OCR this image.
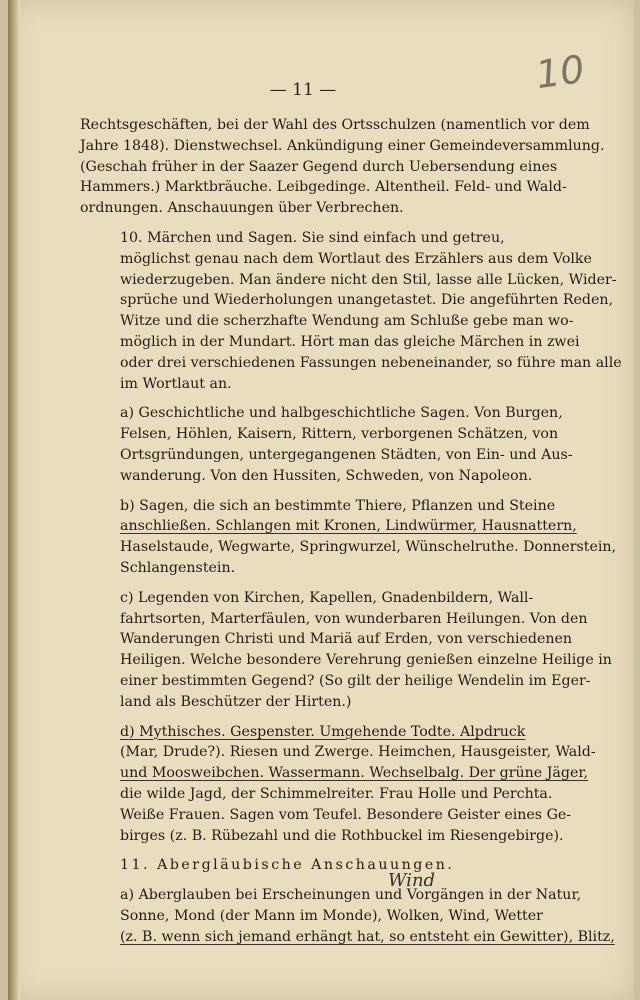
— 11 —	10
Rechtsgeschäften, bei der Wahl des Ortsschulzen (namentlich vor dem
Jahre 1848). Dienstwechsel. Ankündigung einer Gemeindeversammlung.
(Geschah früher in der Saazer Gegend durch Uebersendung eines
Hammers.) Marktbräuche. Leibgedinge. Altentheil. Feld- und Wald-
ordnungen. Anschauungen über Verbrechen.
10. Märchen und Sagen. Sie sind einfach und getreu,
möglichst genau nach dem Wortlaut des Erzählers aus dem Volke
wiederzugeben. Man ändere nicht den Stil, lasse alle Lücken, Wider-
sprüche und Wiederholungen unangetastet. Die angeführten Reden,
Witze und die scherzhafte Wendung am Schluße gebe man wo-
möglich in der Mundart. Hört man das gleiche Märchen in zwei
oder drei verschiedenen Fassungen nebeneinander, so führe man alle
im Wortlaut an.
a) Geschichtliche und halbgeschichtliche Sagen. Von Burgen,
Felsen, Höhlen, Kaisern, Rittern, verborgenen Schätzen, von
Ortsgründungen, untergegangenen Städten, von Ein- und Aus-
wanderung. Von den Hussiten, Schweden, von Napoleon.
b) Sagen, die sich an bestimmte Thiere, Pflanzen und Steine
anschließen. Schlangen mit Kronen, Lindwürmer, Hausnattern,
Haselstaude, Wegwarte, Springwurzel, Wünschelruthe. Donnerstein,
Schlangenstein.
c) Legenden von Kirchen, Kapellen, Gnadenbildern, Wall-
fahrtsorten, Marterfäulen, von wunderbaren Heilungen. Von den
Wanderungen Christi und Mariä auf Erden, von verschiedenen
Heiligen. Welche besondere Verehrung genießen einzelne Heilige in
einer bestimmten Gegend? (So gilt der heilige Wendelin im Eger-
land als Beschützer der Hirten.)
d) Mythisches. Gespenster. Umgehende Todte. Alpdruck
(Mar, Drude?). Riesen und Zwerge. Heimchen, Hausgeister, Wald-
und Moosweibchen. Wassermann. Wechselbalg. Der grüne Jäger,
die wilde Jagd, der Schimmelreiter. Frau Holle und Perchta.
Weiße Frauen. Sagen vom Teufel. Besondere Geister eines Ge-
birges (z. B. Rübezahl und die Rothbuckel im Riesengebirge).
11. Abergläubische Anschauungen.
a) Aberglauben bei Erscheinungen und Vorgängen in der Natur,
Sonne, Mond (der Mann im Monde), Wolken, Wind, Wetter
(z. B. wenn sich jemand erhängt hat, so entsteht ein Gewitter), Blitz,
Wind
